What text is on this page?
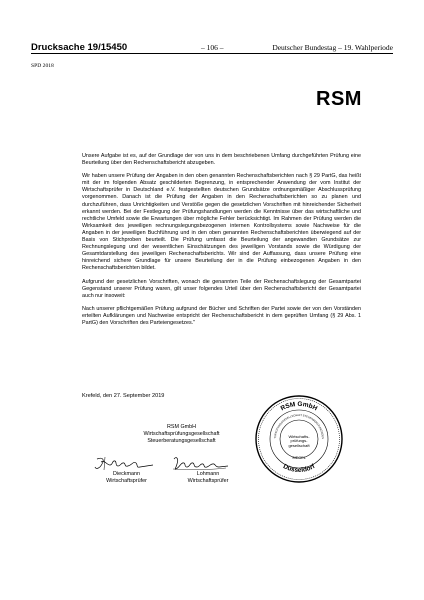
Drucksache 19/15450	– 106 –	Deutscher Bundestag – 19. Wahlperiode
SPD 2018
RSM

Unsere Aufgabe ist es, auf der Grundlage der von uns in dem beschriebenen Umfang durchgeführten Prüfung eine Beurteilung über den Rechenschaftsbericht abzugeben.

Wir haben unsere Prüfung der Angaben in den oben genannten Rechenschaftsberichten nach § 29 PartG, das heißt mit der im folgenden Absatz geschilderten Begrenzung, in entsprechender Anwendung der vom Institut der Wirtschaftsprüfer in Deutschland e.V. festgestellten deutschen Grundsätze ordnungsmäßiger Abschlussprüfung vorgenommen. Danach ist die Prüfung der Angaben in den Rechenschaftsberichten so zu planen und durchzuführen, dass Unrichtigkeiten und Verstöße gegen die gesetzlichen Vorschriften mit hinreichender Sicherheit erkannt werden. Bei der Festlegung der Prüfungshandlungen werden die Kenntnisse über das wirtschaftliche und rechtliche Umfeld sowie die Erwartungen über mögliche Fehler berücksichtigt. Im Rahmen der Prüfung werden die Wirksamkeit des jeweiligen rechnungslegungsbezogenen internen Kontrollsystems sowie Nachweise für die Angaben in der jeweiligen Buchführung und in den oben genannten Rechenschaftsberichten überwiegend auf der Basis von Stichproben beurteilt. Die Prüfung umfasst die Beurteilung der angewandten Grundsätze zur Rechnungslegung und der wesentlichen Einschätzungen des jeweiligen Vorstands sowie die Würdigung der Gesamtdarstellung des jeweiligen Rechenschaftsberichts. Wir sind der Auffassung, dass unsere Prüfung eine hinreichend sichere Grundlage für unsere Beurteilung der in die Prüfung einbezogenen Angaben in den Rechenschaftsberichten bildet.

Aufgrund der gesetzlichen Vorschriften, wonach die genannten Teile der Rechenschaftslegung der Gesamtpartei Gegenstand unserer Prüfung waren, gilt unser folgendes Urteil über den Rechenschaftsbericht der Gesamtpartei auch nur insoweit:

Nach unserer pflichtgemäßen Prüfung aufgrund der Bücher und Schriften der Partei sowie der von den Vorständen erteilten Aufklärungen und Nachweise entspricht der Rechenschaftsbericht in dem geprüften Umfang (§ 29 Abs. 1 PartG) den Vorschriften des Parteiengesetzes."

Krefeld, den 27. September 2019
RSM GmbH
Wirtschaftsprüfungsgesellschaft
Steuerberatungsgesellschaft
Dieckmann
Wirtschaftsprüfer
Lohmann
Wirtschaftsprüfer
RSM GmbH
Düsseldorf
TSPRÜFUNGSGESELLSCHAFT STEUERBERATUNGSGES
Wirtschafts-
prüfungs-
gesellschaft
SIEGEL
